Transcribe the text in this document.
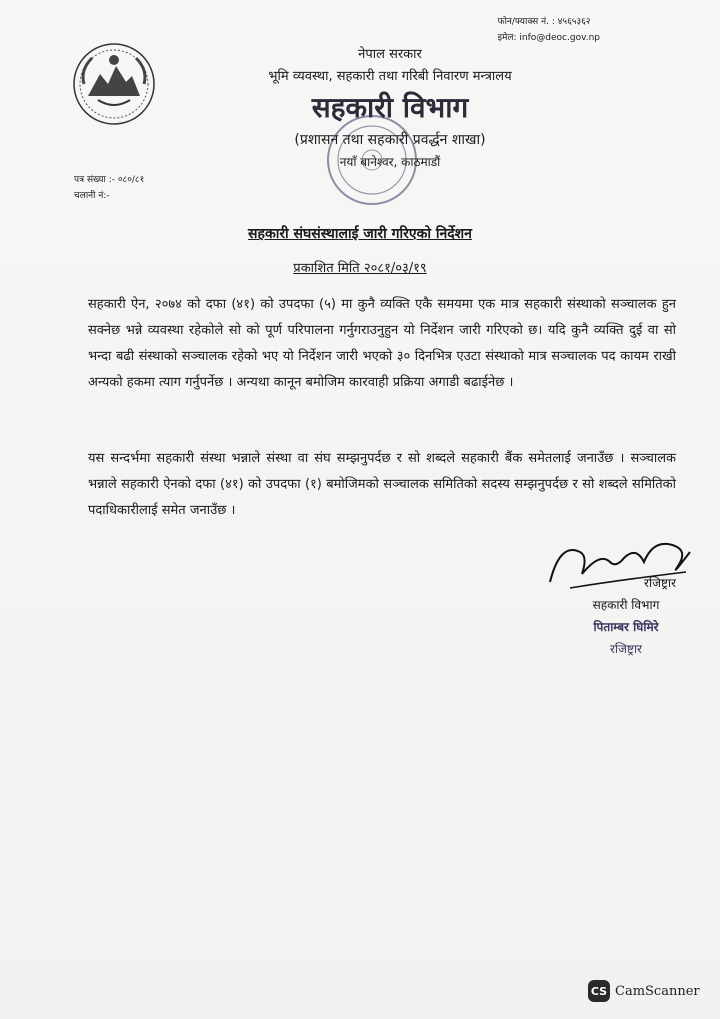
फोन/फ्याक्स नं. : ४५६५३६२
इमेल: info@deoc.gov.np
नेपाल सरकार
भूमि व्यवस्था, सहकारी तथा गरिबी निवारण मन्त्रालय
सहकारी विभाग
(प्रशासन तथा सहकारी प्रवर्द्धन शाखा)
नयाँ बानेश्वर, काठमाडौं
पत्र संख्या :- ०८०/८१
चलानी नं:-
सहकारी संघसंस्थालाई जारी गरिएको निर्देशन
प्रकाशित मिति २०८१/०३/१९
सहकारी ऐन, २०७४ को दफा (४१) को उपदफा (५) मा कुनै व्यक्ति एकै समयमा एक मात्र सहकारी संस्थाको सञ्चालक हुन सक्नेछ भन्ने व्यवस्था रहेकोले सो को पूर्ण परिपालना गर्नुगराउनुहुन यो निर्देशन जारी गरिएको छ। यदि कुनै व्यक्ति दुई वा सो भन्दा बढी संस्थाको सञ्चालक रहेको भए यो निर्देशन जारी भएको ३० दिनभित्र एउटा संस्थाको मात्र सञ्चालक पद कायम राखी अन्यको हकमा त्याग गर्नुपर्नेछ । अन्यथा कानून बमोजिम कारवाही प्रक्रिया अगाडी बढाईनेछ ।
यस सन्दर्भमा सहकारी संस्था भन्नाले संस्था वा संघ सम्झनुपर्दछ र सो शब्दले सहकारी बैंक समेतलाई जनाउँछ । सञ्चालक भन्नाले सहकारी ऐनको दफा (४१) को उपदफा (१) बमोजिमको सञ्चालक समितिको सदस्य सम्झनुपर्दछ र सो शब्दले समितिको पदाधिकारीलाई समेत जनाउँछ ।
रजिष्ट्रार
सहकारी विभाग
पिताम्बर घिमिरे
रजिष्ट्रार
CS CamScanner
